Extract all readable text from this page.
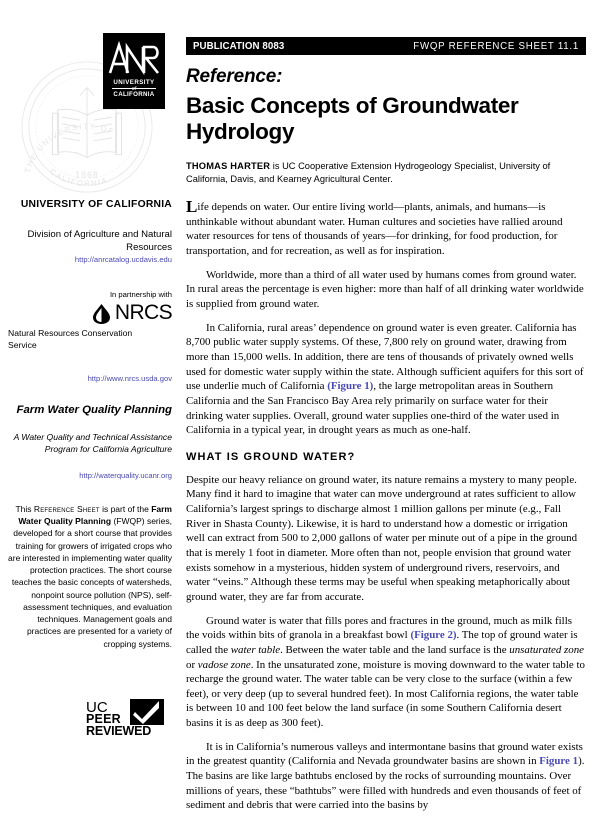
THE UNIVERSITY OF
CALIFORNIA
1868
UNIVERSITY
of
CALIFORNIA
UNIVERSITY OF CALIFORNIA
Division of Agriculture and Natural Resources
http://anrcatalog.ucdavis.edu
In partnership with
NRCS
Natural Resources Conservation Service
http://www.nrcs.usda.gov
Farm Water Quality Planning
A Water Quality and Technical Assistance Program for California Agriculture
http://waterquality.ucanr.org
This Reference Sheet is part of the Farm Water Quality Planning (FWQP) series, developed for a short course that provides training for growers of irrigated crops who are interested in implementing water quality protection practices. The short course teaches the basic concepts of watersheds, nonpoint source pollution (NPS), self-assessment techniques, and evaluation techniques. Management goals and practices are presented for a variety of cropping systems.
UC
PEER
REVIEWED
PUBLICATION 8083	FWQP REFERENCE SHEET 11.1
Reference:
Basic Concepts of Groundwater Hydrology
THOMAS HARTER is UC Cooperative Extension Hydrogeology Specialist, University of California, Davis, and Kearney Agricultural Center.

Life depends on water. Our entire living world—plants, animals, and humans—is unthinkable without abundant water. Human cultures and societies have rallied around water resources for tens of thousands of years—for drinking, for food production, for transportation, and for recreation, as well as for inspiration.

Worldwide, more than a third of all water used by humans comes from ground water. In rural areas the percentage is even higher: more than half of all drinking water worldwide is supplied from ground water.

In California, rural areas’ dependence on ground water is even greater. California has 8,700 public water supply systems. Of these, 7,800 rely on ground water, drawing from more than 15,000 wells. In addition, there are tens of thousands of privately owned wells used for domestic water supply within the state. Although sufficient aquifers for this sort of use underlie much of California (Figure 1), the large metropolitan areas in Southern California and the San Francisco Bay Area rely primarily on surface water for their drinking water supplies. Overall, ground water supplies one-third of the water used in California in a typical year, in drought years as much as one-half.

WHAT IS GROUND WATER?

Despite our heavy reliance on ground water, its nature remains a mystery to many people. Many find it hard to imagine that water can move underground at rates sufficient to allow California’s largest springs to discharge almost 1 million gallons per minute (e.g., Fall River in Shasta County). Likewise, it is hard to understand how a domestic or irrigation well can extract from 500 to 2,000 gallons of water per minute out of a pipe in the ground that is merely 1 foot in diameter. More often than not, people envision that ground water exists somehow in a mysterious, hidden system of underground rivers, reservoirs, and water “veins.” Although these terms may be useful when speaking metaphorically about ground water, they are far from accurate.

Ground water is water that fills pores and fractures in the ground, much as milk fills the voids within bits of granola in a breakfast bowl (Figure 2). The top of ground water is called the water table. Between the water table and the land surface is the unsaturated zone or vadose zone. In the unsaturated zone, moisture is moving downward to the water table to recharge the ground water. The water table can be very close to the surface (within a few feet), or very deep (up to several hundred feet). In most California regions, the water table is between 10 and 100 feet below the land surface (in some Southern California desert basins it is as deep as 300 feet).

It is in California’s numerous valleys and intermontane basins that ground water exists in the greatest quantity (California and Nevada groundwater basins are shown in Figure 1). The basins are like large bathtubs enclosed by the rocks of surrounding mountains. Over millions of years, these “bathtubs” were filled with hundreds and even thousands of feet of sediment and debris that were carried into the basins by
